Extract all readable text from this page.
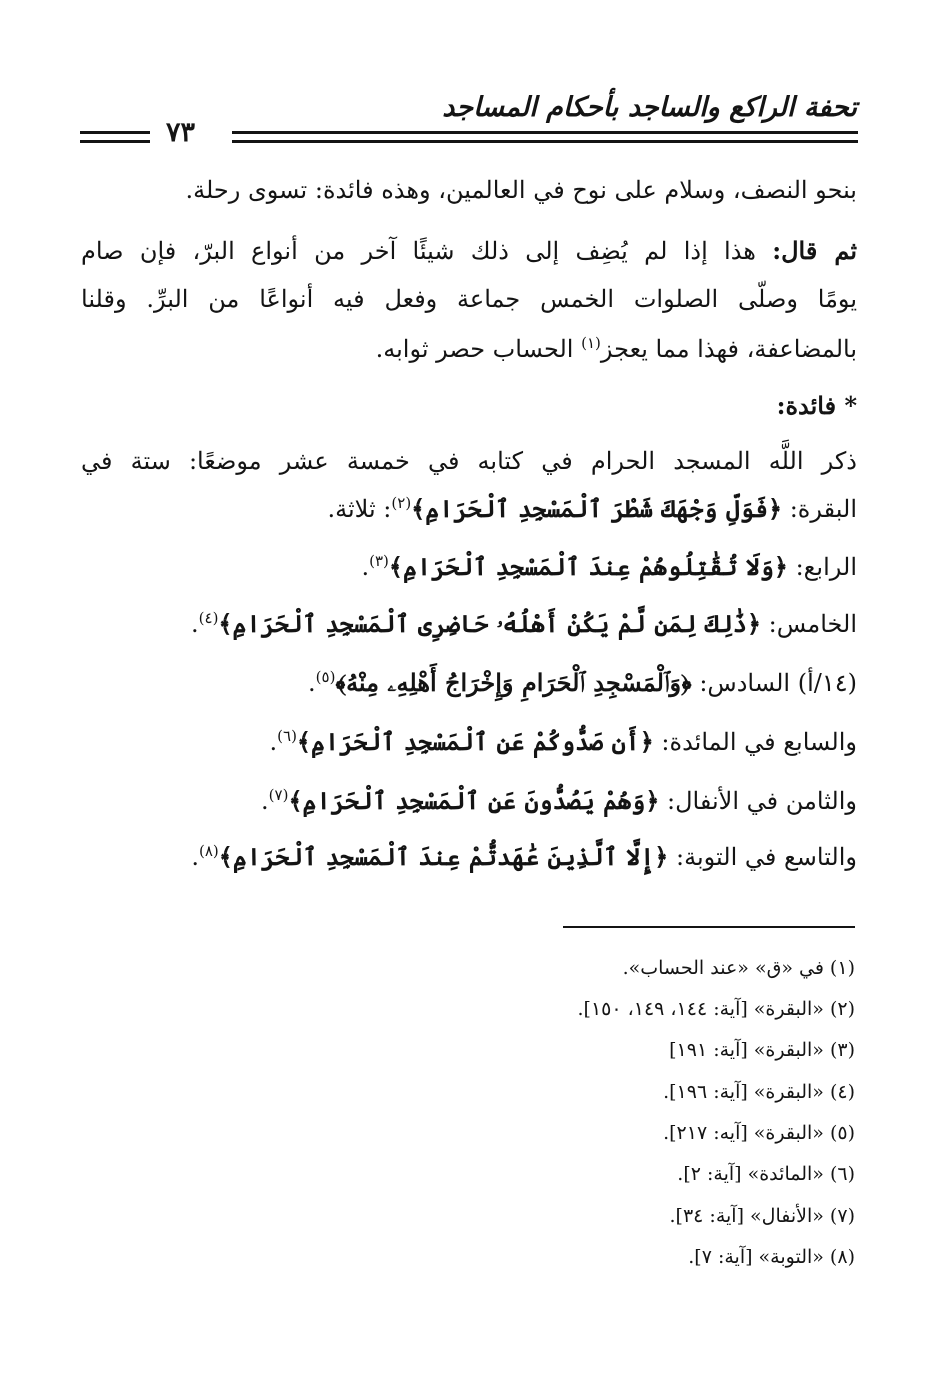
تحفة الراكع والساجد بأحكام المساجد
٧٣
بنحو النصف، وسلام على نوح في العالمين، وهذه فائدة: تسوى رحلة.
ثم قال: هذا إذا لم يُضِف إلى ذلك شيئًا آخر من أنواع البرّ، فإن صام
يومًا وصلّى الصلوات الخمس جماعة وفعل فيه أنواعًا من البرِّ. وقلنا
بالمضاعفة، فهذا مما يعجز$^{(١)}$ الحساب حصر ثوابه.
* فائدة:
ذكر اللَّه المسجد الحرام في كتابه في خمسة عشر موضعًا: ستة في
البقرة: ﴿فَوَلِّ وَجْهَكَ شَطْرَ ٱلْمَسْجِدِ ٱلْحَرَامِ﴾$^{(٢)}$: ثلاثة.
الرابع: ﴿وَلَا تُقَٰتِلُوهُمْ عِندَ ٱلْمَسْجِدِ ٱلْحَرَامِ﴾$^{(٣)}$.
الخامس: ﴿ذَٰلِكَ لِمَن لَّمْ يَكُنْ أَهْلُهُۥ حَاضِرِى ٱلْمَسْجِدِ ٱلْحَرَامِ﴾$^{(٤)}$.
(١٤/أ) السادس: ﴿وَٱلْمَسْجِدِ ٱلْحَرَامِ وَإِخْرَاجُ أَهْلِهِۦ مِنْهُ﴾$^{(٥)}$.
والسابع في المائدة: ﴿أَن صَدُّوكُمْ عَنِ ٱلْمَسْجِدِ ٱلْحَرَامِ﴾$^{(٦)}$.
والثامن في الأنفال: ﴿وَهُمْ يَصُدُّونَ عَنِ ٱلْمَسْجِدِ ٱلْحَرَامِ﴾$^{(٧)}$.
والتاسع في التوبة: ﴿إِلَّا ٱلَّذِينَ عَٰهَدتُّمْ عِندَ ٱلْمَسْجِدِ ٱلْحَرَامِ﴾$^{(٨)}$.
(١) في «ق» «عند الحساب».
(٢) «البقرة» [آية: ١٤٤، ١٤٩، ١٥٠].
(٣) «البقرة» [آية: ١٩١]
(٤) «البقرة» [آية: ١٩٦].
(٥) «البقرة» [آيه: ٢١٧].
(٦) «المائدة» [آية: ٢].
(٧) «الأنفال» [آية: ٣٤].
(٨) «التوبة» [آية: ٧].
